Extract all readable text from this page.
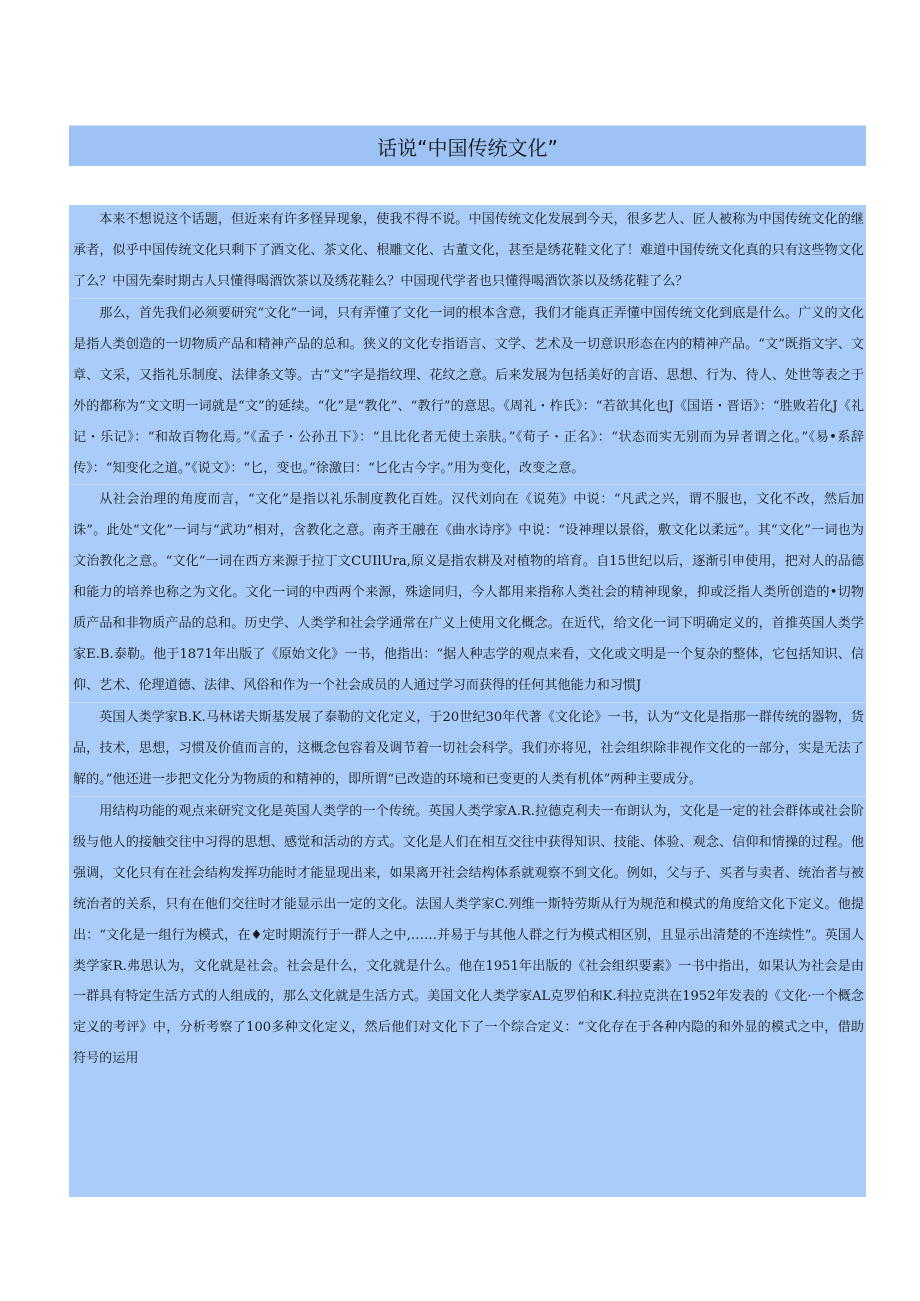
话说“中国传统文化”

本来不想说这个话题，但近来有许多怪异现象，使我不得不说。中国传统文化发展到今天，很多艺人、匠人被称为中国传统文化的继承者，似乎中国传统文化只剩下了酒文化、茶文化、根雕文化、古董文化，甚至是绣花鞋文化了！难道中国传统文化真的只有这些物文化了么？中国先秦时期古人只懂得喝酒饮茶以及绣花鞋么？中国现代学者也只懂得喝酒饮茶以及绣花鞋了么？

那么，首先我们必须要研究“文化”一词，只有弄懂了文化一词的根本含意，我们才能真正弄懂中国传统文化到底是什么。广义的文化是指人类创造的一切物质产品和精神产品的总和。狭义的文化专指语言、文学、艺术及一切意识形态在内的精神产品。“文”既指文字、文章、文采，又指礼乐制度、法律条文等。古“文”字是指纹理、花纹之意。后来发展为包括美好的言语、思想、行为、待人、处世等表之于外的都称为“文文明一词就是“文”的延续。“化”是“教化”、“教行”的意思。《周礼・柞氏》：“若欲其化也J《国语・晋语》：“胜败若化J《礼记・乐记》：“和故百物化焉。”《孟子・公孙丑下》：“且比化者无使土亲肤。”《荀子・正名》：“状态而实无别而为异者谓之化。”《易•系辞传》：“知变化之道。”《说文》：“匕，变也。”徐激曰：“匕化古今字。”用为变化，改变之意。

从社会治理的角度而言，“文化”是指以礼乐制度教化百姓。汉代刘向在《说苑》中说：“凡武之兴，谓不服也，文化不改，然后加诛”。此处“文化”一词与“武功”相对，含教化之意。南齐王融在《曲水诗序》中说：“设神理以景俗，敷文化以柔远”。其“文化”一词也为文治教化之意。“文化”一词在西方来源于拉丁文CUIlUra,原义是指农耕及对植物的培育。自15世纪以后，逐渐引申使用，把对人的品德和能力的培养也称之为文化。文化一词的中西两个来源，殊途同归，今人都用来指称人类社会的精神现象，抑或泛指人类所创造的•切物质产品和非物质产品的总和。历史学、人类学和社会学通常在广义上使用文化概念。在近代，给文化一词下明确定义的，首推英国人类学家E.B.泰勒。他于1871年出版了《原始文化》一书，他指出：“据人种志学的观点来看，文化或文明是一个复杂的整体，它包括知识、信仰、艺术、伦理道德、法律、风俗和作为一个社会成员的人通过学习而获得的任何其他能力和习惯J

英国人类学家B.K.马林诺夫斯基发展了泰勒的文化定义，于20世纪30年代著《文化论》一书，认为“文化是指那一群传统的器物，货品，技术，思想，习惯及价值而言的，这概念包容着及调节着一切社会科学。我们亦将见，社会组织除非视作文化的一部分，实是无法了解的。”他还进一步把文化分为物质的和精神的，即所谓“已改造的环境和已变更的人类有机体”两种主要成分。

用结构功能的观点来研究文化是英国人类学的一个传统。英国人类学家A.R.拉德克利夫一布朗认为，文化是一定的社会群体或社会阶级与他人的接触交往中习得的思想、感觉和活动的方式。文化是人们在相互交往中获得知识、技能、体验、观念、信仰和情操的过程。他强调，文化只有在社会结构发挥功能时才能显现出来，如果离开社会结构体系就观察不到文化。例如，父与子、买者与卖者、统治者与被统治者的关系，只有在他们交往时才能显示出一定的文化。法国人类学家C.列维一斯特劳斯从行为规范和模式的角度给文化下定义。他提出：“文化是一组行为模式，在♦定时期流行于一群人之中,……并易于与其他人群之行为模式相区别，且显示出清楚的不连续性”。英国人类学家R.弗思认为，文化就是社会。社会是什么，文化就是什么。他在1951年出版的《社会组织要素》一书中指出，如果认为社会是由一群具有特定生活方式的人组成的，那么文化就是生活方式。美国文化人类学家AL克罗伯和K.科拉克洪在1952年发表的《文化·一个概念定义的考评》中，分析考察了100多种文化定义，然后他们对文化下了一个综合定义：“文化存在于各种内隐的和外显的模式之中，借助符号的运用
